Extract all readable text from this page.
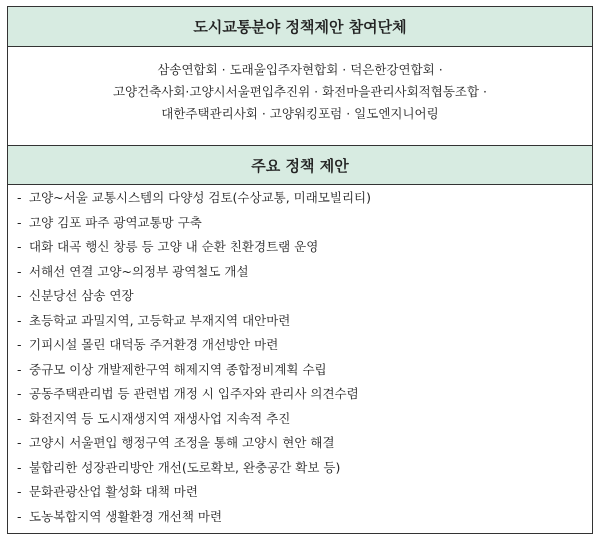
도시교통분야 정책제안 참여단체
삼송연합회 · 도래울입주자현합회 · 덕은한강연합회 ·
고양건축사회·고양시서울편입추진위 · 화전마을관리사회적협동조합 ·
대한주택관리사회 · 고양워킹포럼 · 일도엔지니어링
주요 정책 제안
- 고양~서울 교통시스템의 다양성 검토(수상교통, 미래모빌리티)
- 고양 김포 파주 광역교통망 구축
- 대화 대곡 행신 창릉 등 고양 내 순환 친환경트램 운영
- 서해선 연결 고양~의정부 광역철도 개설
- 신분당선 삼송 연장
- 초등학교 과밀지역, 고등학교 부재지역 대안마련
- 기피시설 몰린 대덕동 주거환경 개선방안 마련
- 중규모 이상 개발제한구역 해제지역 종합정비계획 수립
- 공동주택관리법 등 관련법 개정 시 입주자와 관리사 의견수렴
- 화전지역 등 도시재생지역 재생사업 지속적 추진
- 고양시 서울편입 행정구역 조정을 통해 고양시 현안 해결
- 불합리한 성장관리방안 개선(도로확보, 완충공간 확보 등)
- 문화관광산업 활성화 대책 마련
- 도농복합지역 생활환경 개선책 마련
